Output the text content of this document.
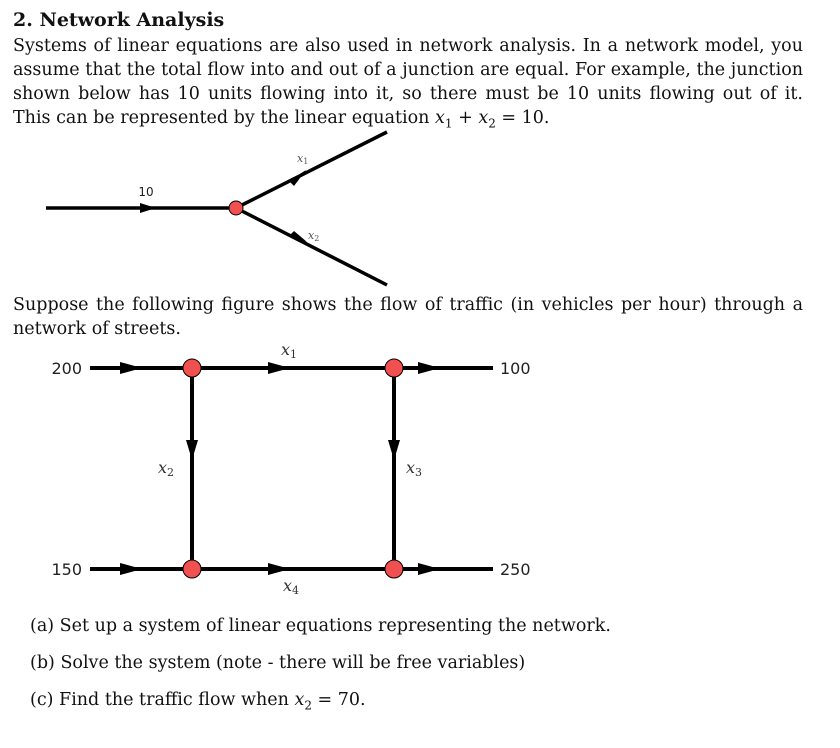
2. Network Analysis

Systems of linear equations are also used in network analysis. In a network model, you assume that the total flow into and out of a junction are equal. For example, the junction shown below has 10 units flowing into it, so there must be 10 units flowing out of it. This can be represented by the linear equation $x_1 + x_2 = 10$.

10
x1
x2

Suppose the following figure shows the flow of traffic (in vehicles per hour) through a network of streets.

200
150
100
250
x1
x2	x3
x4
(a) Set up a system of linear equations representing the network.
(b) Solve the system (note - there will be free variables)
(c) Find the traffic flow when $x_2 = 70$.
